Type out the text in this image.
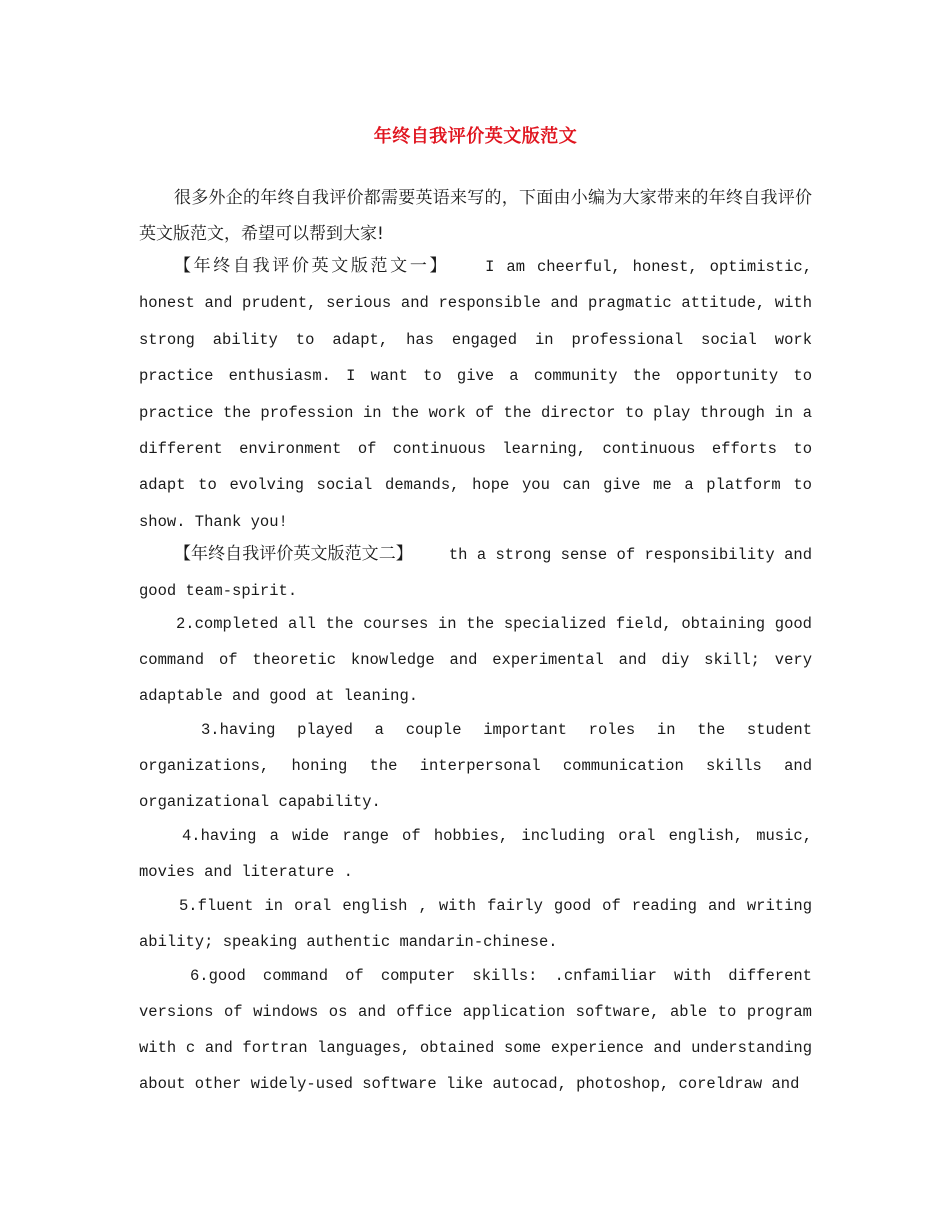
年终自我评价英文版范文
很多外企的年终自我评价都需要英语来写的，下面由小编为大家带来的年终自我评价英文版范文，希望可以帮到大家!
【年终自我评价英文版范文一】 I am cheerful, honest, optimistic, honest and prudent, serious and responsible and pragmatic attitude, with strong ability to adapt, has engaged in professional social work practice enthusiasm. I want to give a community the opportunity to practice the profession in the work of the director to play through in a different environment of continuous learning, continuous efforts to adapt to evolving social demands, hope you can give me a platform to show. Thank you!
【年终自我评价英文版范文二】 th a strong sense of responsibility and good team-spirit.
2.completed all the courses in the specialized field, obtaining good command of theoretic knowledge and experimental and diy skill; very adaptable and good at leaning.
3.having played a couple important roles in the student organizations, honing the interpersonal communication skills and organizational capability.
4.having a wide range of hobbies, including oral english, music, movies and literature .
5.fluent in oral english , with fairly good of reading and writing ability; speaking authentic mandarin-chinese.
6.good command of computer skills: .cnfamiliar with different versions of windows os and office application software, able to program with c and fortran languages, obtained some experience and understanding about other widely-used software like autocad, photoshop, coreldraw and
